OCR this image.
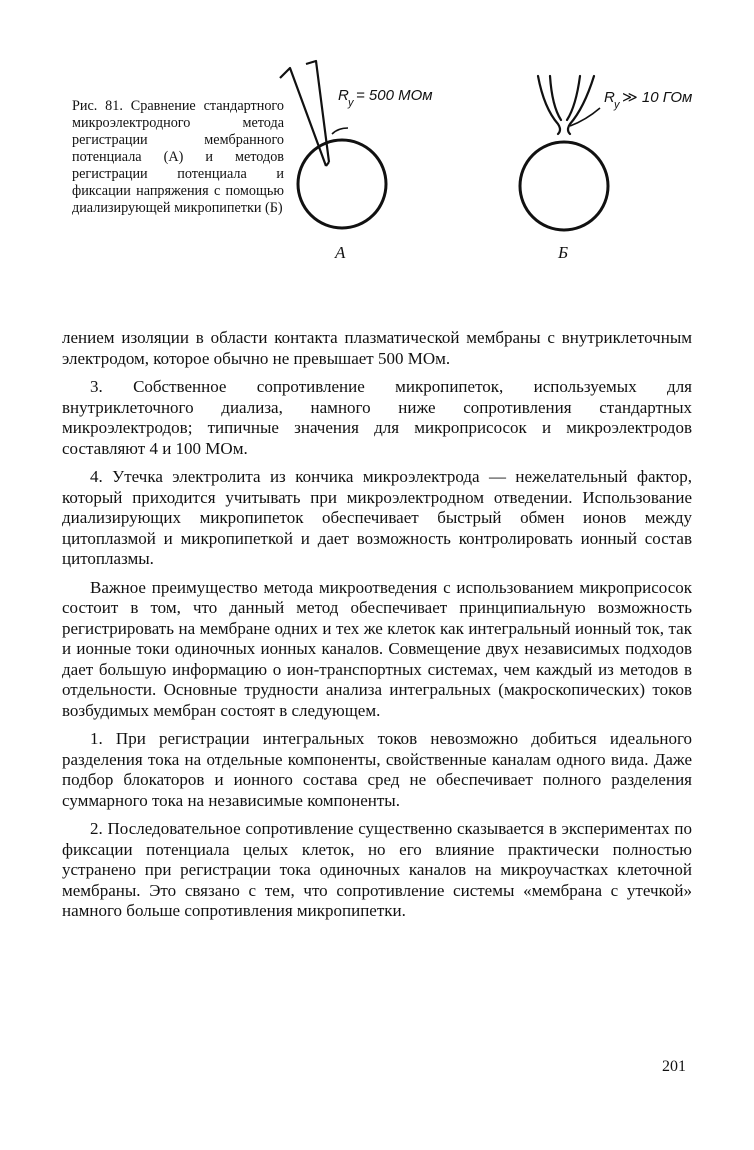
Рис. 81. Сравнение стандартного микроэлектродного метода регистрации мембранного потенциала (А) и методов регистрации потенциала и фиксации напряжения с помощью диализирующей микропипетки (Б)
R у = 500 МОм
А
R у ≫ 10 ГОм
Б

лением изоляции в области контакта плазматической мембраны с внутриклеточным электродом, которое обычно не превышает 500 МОм.

3. Собственное сопротивление микропипеток, используемых для внутриклеточного диализа, намного ниже сопротивления стандартных микроэлектродов; типичные значения для микроприсосок и микроэлектродов составляют 4 и 100 МОм.

4. Утечка электролита из кончика микроэлектрода — нежелательный фактор, который приходится учитывать при микроэлектродном отведении. Использование диализирующих микропипеток обеспечивает быстрый обмен ионов между цитоплазмой и микропипеткой и дает возможность контролировать ионный состав цитоплазмы.

Важное преимущество метода микроотведения с использованием микроприсосок состоит в том, что данный метод обеспечивает принципиальную возможность регистрировать на мембране одних и тех же клеток как интегральный ионный ток, так и ионные токи одиночных ионных каналов. Совмещение двух независимых подходов дает большую информацию о ион-транспортных системах, чем каждый из методов в отдельности. Основные трудности анализа интегральных (макроскопических) токов возбудимых мембран состоят в следующем.

1. При регистрации интегральных токов невозможно добиться идеального разделения тока на отдельные компоненты, свойственные каналам одного вида. Даже подбор блокаторов и ионного состава сред не обеспечивает полного разделения суммарного тока на независимые компоненты.

2. Последовательное сопротивление существенно сказывается в экспериментах по фиксации потенциала целых клеток, но его влияние практически полностью устранено при регистрации тока одиночных каналов на микроучастках клеточной мембраны. Это связано с тем, что сопротивление системы «мембрана с утечкой» намного больше сопротивления микропипетки.

201
